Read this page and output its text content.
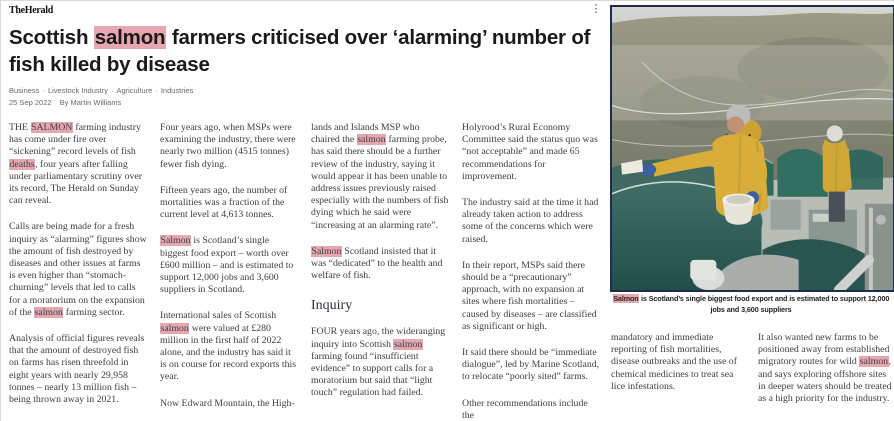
TheHerald	⋮
Scottish salmon farmers criticised over ‘alarming’ number of fish killed by disease
Business · Livestock Industry · Agriculture · Industries
25 Sep 2022 By Martin Williams

THE SALMON farming industry has come under fire over “sickening” record levels of fish deaths, four years after falling under parliamentary scrutiny over its record, The Herald on Sunday can reveal.

Calls are being made for a fresh inquiry as “alarming” figures show the amount of fish destroyed by diseases and other issues at farms is even higher than “stomach-churning” levels that led to calls for a moratorium on the expansion of the salmon farming sector.

Analysis of official figures reveals that the amount of destroyed fish on farms has risen threefold in eight years with nearly 29,958 tonnes – nearly 13 million fish – being thrown away in 2021.

Four years ago, when MSPs were examining the industry, there were nearly two million (4515 tonnes) fewer fish dying.

Fifteen years ago, the number of mortalities was a fraction of the current level at 4,613 tonnes.

Salmon is Scotland’s single biggest food export – worth over £600 million – and is estimated to support 12,000 jobs and 3,600 suppliers in Scotland.

International sales of Scottish salmon were valued at £280 million in the first half of 2022 alone, and the industry has said it is on course for record exports this year.

Now Edward Mountain, the High-

lands and Islands MSP who chaired the salmon farming probe, has said there should be a further review of the industry, saying it would appear it has been unable to address issues previously raised especially with the numbers of fish dying which he said were “increasing at an alarming rate”.

Salmon Scotland insisted that it was “dedicated” to the health and welfare of fish.

Inquiry

FOUR years ago, the wideranging inquiry into Scottish salmon farming found “insufficient evidence” to support calls for a moratorium but said that “light touch” regulation had failed.

Holyrood’s Rural Economy Committee said the status quo was “not acceptable” and made 65 recommendations for improvement.

The industry said at the time it had already taken action to address some of the concerns which were raised.

In their report, MSPs said there should be a “precautionary” approach, with no expansion at sites where fish mortalities – caused by diseases – are classified as significant or high.

It said there should be “immediate dialogue”, led by Marine Scotland, to relocate “poorly sited” farms.

Other recommendations include the

Salmon is Scotland’s single biggest food export and is estimated to support 12,000 jobs and 3,600 suppliers

mandatory and immediate reporting of fish mortalities, disease outbreaks and the use of chemical medicines to treat sea lice infestations.

It also wanted new farms to be positioned away from established migratory routes for wild salmon, and says exploring offshore sites in deeper waters should be treated as a high priority for the industry.
